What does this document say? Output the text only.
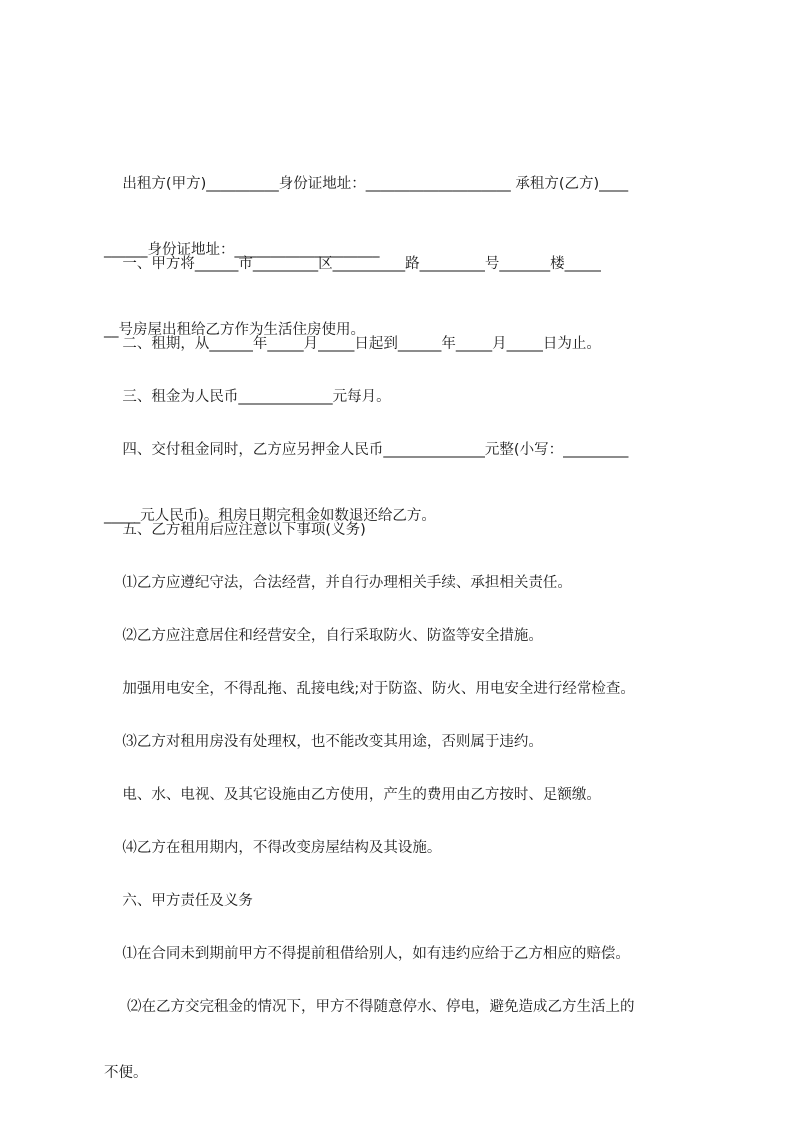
出租方(甲方)__________身份证地址：____________________ 承租方(乙方)____

______身份证地址：____________________

一、甲方将______市_________区__________路_________号_______楼_____

__号房屋出租给乙方作为生活住房使用。

二、租期，从______年_____月_____日起到______年_____月_____日为止。

三、租金为人民币_____________元每月。

四、交付租金同时，乙方应另押金人民币______________元整(小写：_________

_____元人民币)。租房日期完租金如数退还给乙方。

五、乙方租用后应注意以下事项(义务)

⑴乙方应遵纪守法，合法经营，并自行办理相关手续、承担相关责任。

⑵乙方应注意居住和经营安全，自行采取防火、防盗等安全措施。

加强用电安全，不得乱拖、乱接电线;对于防盗、防火、用电安全进行经常检查。

⑶乙方对租用房没有处理权，也不能改变其用途，否则属于违约。

电、水、电视、及其它设施由乙方使用，产生的费用由乙方按时、足额缴。

⑷乙方在租用期内，不得改变房屋结构及其设施。

六、甲方责任及义务

⑴在合同未到期前甲方不得提前租借给别人，如有违约应给于乙方相应的赔偿。

⑵在乙方交完租金的情况下，甲方不得随意停水、停电，避免造成乙方生活上的

不便。
